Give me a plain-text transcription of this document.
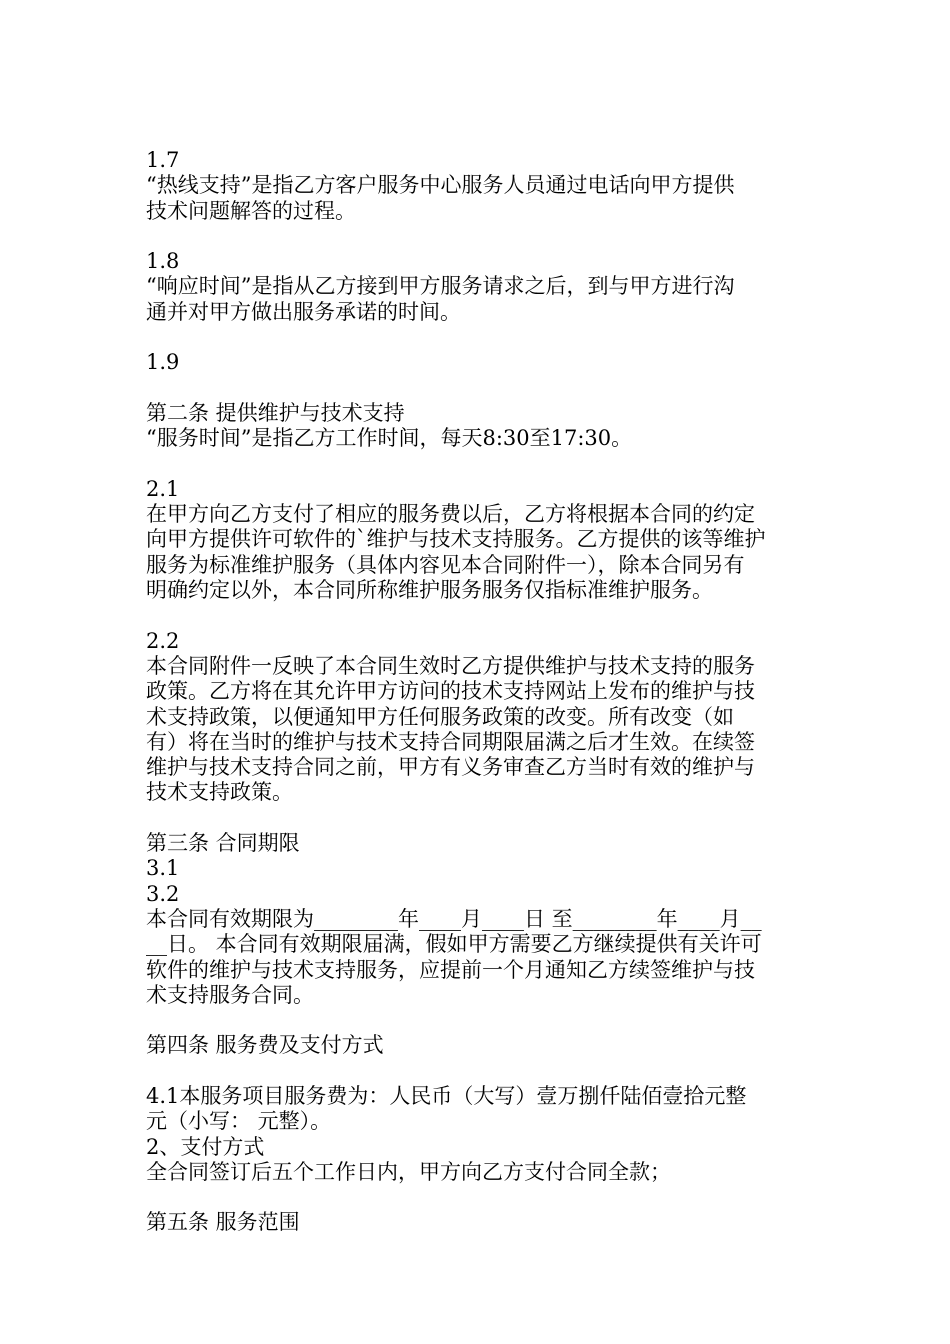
1.7
“热线支持”是指乙方客户服务中心服务人员通过电话向甲方提供
技术问题解答的过程。
1.8
“响应时间”是指从乙方接到甲方服务请求之后，到与甲方进行沟
通并对甲方做出服务承诺的时间。
1.9
第二条 提供维护与技术支持
“服务时间”是指乙方工作时间，每天8:30至17:30。
2.1
在甲方向乙方支付了相应的服务费以后，乙方将根据本合同的约定
向甲方提供许可软件的`维护与技术支持服务。乙方提供的该等维护
服务为标准维护服务（具体内容见本合同附件一），除本合同另有
明确约定以外，本合同所称维护服务服务仅指标准维护服务。
2.2
本合同附件一反映了本合同生效时乙方提供维护与技术支持的服务
政策。乙方将在其允许甲方访问的技术支持网站上发布的维护与技
术支持政策，以便通知甲方任何服务政策的改变。所有改变（如
有）将在当时的维护与技术支持合同期限届满之后才生效。在续签
维护与技术支持合同之前，甲方有义务审查乙方当时有效的维护与
技术支持政策。
第三条 合同期限
3.1
3.2
本合同有效期限为________年____月____日 至________年____月__
__日。 本合同有效期限届满，假如甲方需要乙方继续提供有关许可
软件的维护与技术支持服务，应提前一个月通知乙方续签维护与技
术支持服务合同。
第四条 服务费及支付方式
4.1本服务项目服务费为：人民币（大写）壹万捌仟陆佰壹拾元整
元（小写： 元整）。
2、支付方式
全合同签订后五个工作日内，甲方向乙方支付合同全款；
第五条 服务范围
